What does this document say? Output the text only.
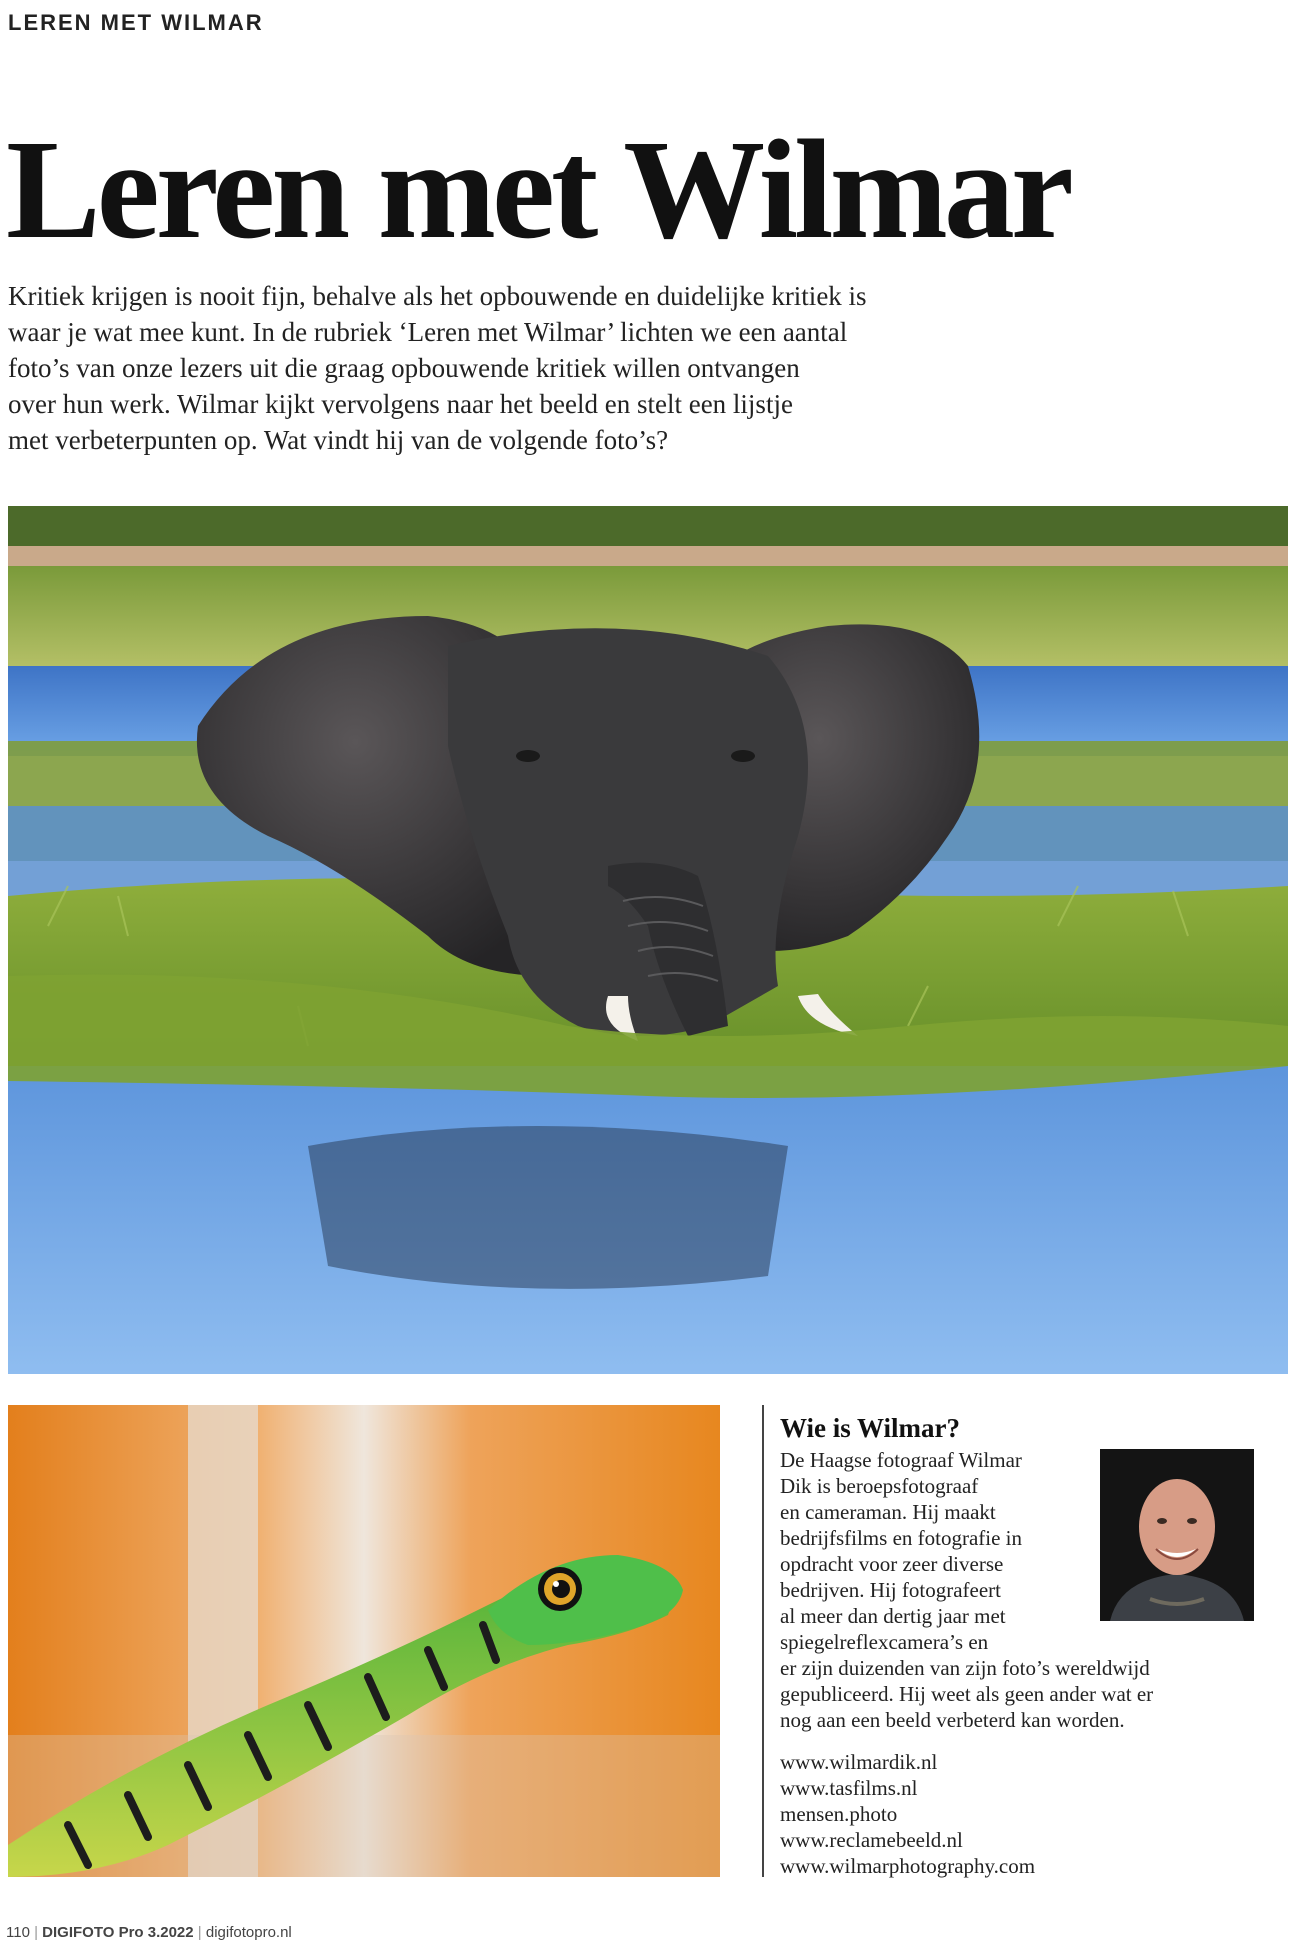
LEREN MET WILMAR
Leren met Wilmar
Kritiek krijgen is nooit fijn, behalve als het opbouwende en duidelijke kritiek is
waar je wat mee kunt. In de rubriek ‘Leren met Wilmar’ lichten we een aantal
foto’s van onze lezers uit die graag opbouwende kritiek willen ontvangen
over hun werk. Wilmar kijkt vervolgens naar het beeld en stelt een lijstje
met verbeterpunten op. Wat vindt hij van de volgende foto’s?
Wie is Wilmar?
De Haagse fotograaf Wilmar
Dik is beroepsfotograaf
en cameraman. Hij maakt
bedrijfsfilms en fotografie in
opdracht voor zeer diverse
bedrijven. Hij fotografeert
al meer dan dertig jaar met
spiegelreflexcamera’s en
er zijn duizenden van zijn foto’s wereldwijd
gepubliceerd. Hij weet als geen ander wat er
nog aan een beeld verbeterd kan worden.
www.wilmardik.nl
www.tasfilms.nl
mensen.photo
www.reclamebeeld.nl
www.wilmarphotography.com

110 | DIGIFOTO Pro 3.2022 | digifotopro.nl
